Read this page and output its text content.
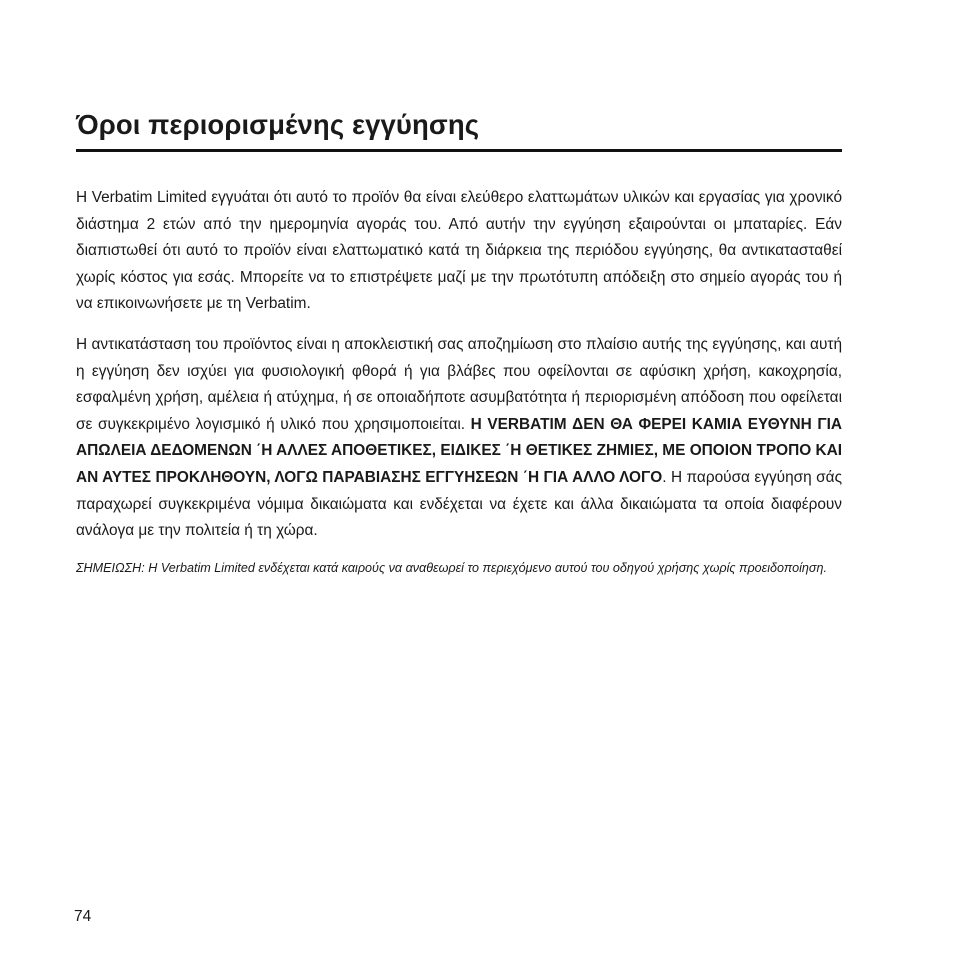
Όροι περιορισμένης εγγύησης

Η Verbatim Limited εγγυάται ότι αυτό το προϊόν θα είναι ελεύθερο ελαττωμάτων υλικών και εργασίας για χρονικό διάστημα 2 ετών από την ημερομηνία αγοράς του. Από αυτήν την εγγύηση εξαιρούνται οι μπαταρίες. Εάν διαπιστωθεί ότι αυτό το προϊόν είναι ελαττωματικό κατά τη διάρκεια της περιόδου εγγύησης, θα αντικατασταθεί χωρίς κόστος για εσάς. Μπορείτε να το επιστρέψετε μαζί με την πρωτότυπη απόδειξη στο σημείο αγοράς του ή να επικοινωνήσετε με τη Verbatim.

Η αντικατάσταση του προϊόντος είναι η αποκλειστική σας αποζημίωση στο πλαίσιο αυτής της εγγύησης, και αυτή η εγγύηση δεν ισχύει για φυσιολογική φθορά ή για βλάβες που οφείλονται σε αφύσικη χρήση, κακοχρησία, εσφαλμένη χρήση, αμέλεια ή ατύχημα, ή σε οποιαδήποτε ασυμβατότητα ή περιορισμένη απόδοση που οφείλεται σε συγκεκριμένο λογισμικό ή υλικό που χρησιμοποιείται. Η VERBATIM ΔΕΝ ΘΑ ΦΕΡΕΙ ΚΑΜΙΑ ΕΥΘΥΝΗ ΓΙΑ ΑΠΩΛΕΙΑ ΔΕΔΟΜΕΝΩΝ ΄Η ΑΛΛΕΣ ΑΠΟΘΕΤΙΚΕΣ, ΕΙΔΙΚΕΣ ΄Η ΘΕΤΙΚΕΣ ΖΗΜΙΕΣ, ΜΕ ΟΠΟΙΟΝ ΤΡΟΠΟ ΚΑΙ ΑΝ ΑΥΤΕΣ ΠΡΟΚΛΗΘΟΥΝ, ΛΟΓΩ ΠΑΡΑΒΙΑΣΗΣ ΕΓΓΥΗΣΕΩΝ ΄Η ΓΙΑ ΑΛΛΟ ΛΟΓΟ. Η παρούσα εγγύηση σάς παραχωρεί συγκεκριμένα νόμιμα δικαιώματα και ενδέχεται να έχετε και άλλα δικαιώματα τα οποία διαφέρουν ανάλογα με την πολιτεία ή τη χώρα.

ΣΗΜΕΙΩΣΗ: Η Verbatim Limited ενδέχεται κατά καιρούς να αναθεωρεί το περιεχόμενο αυτού του οδηγού χρήσης χωρίς προειδοποίηση.

74
